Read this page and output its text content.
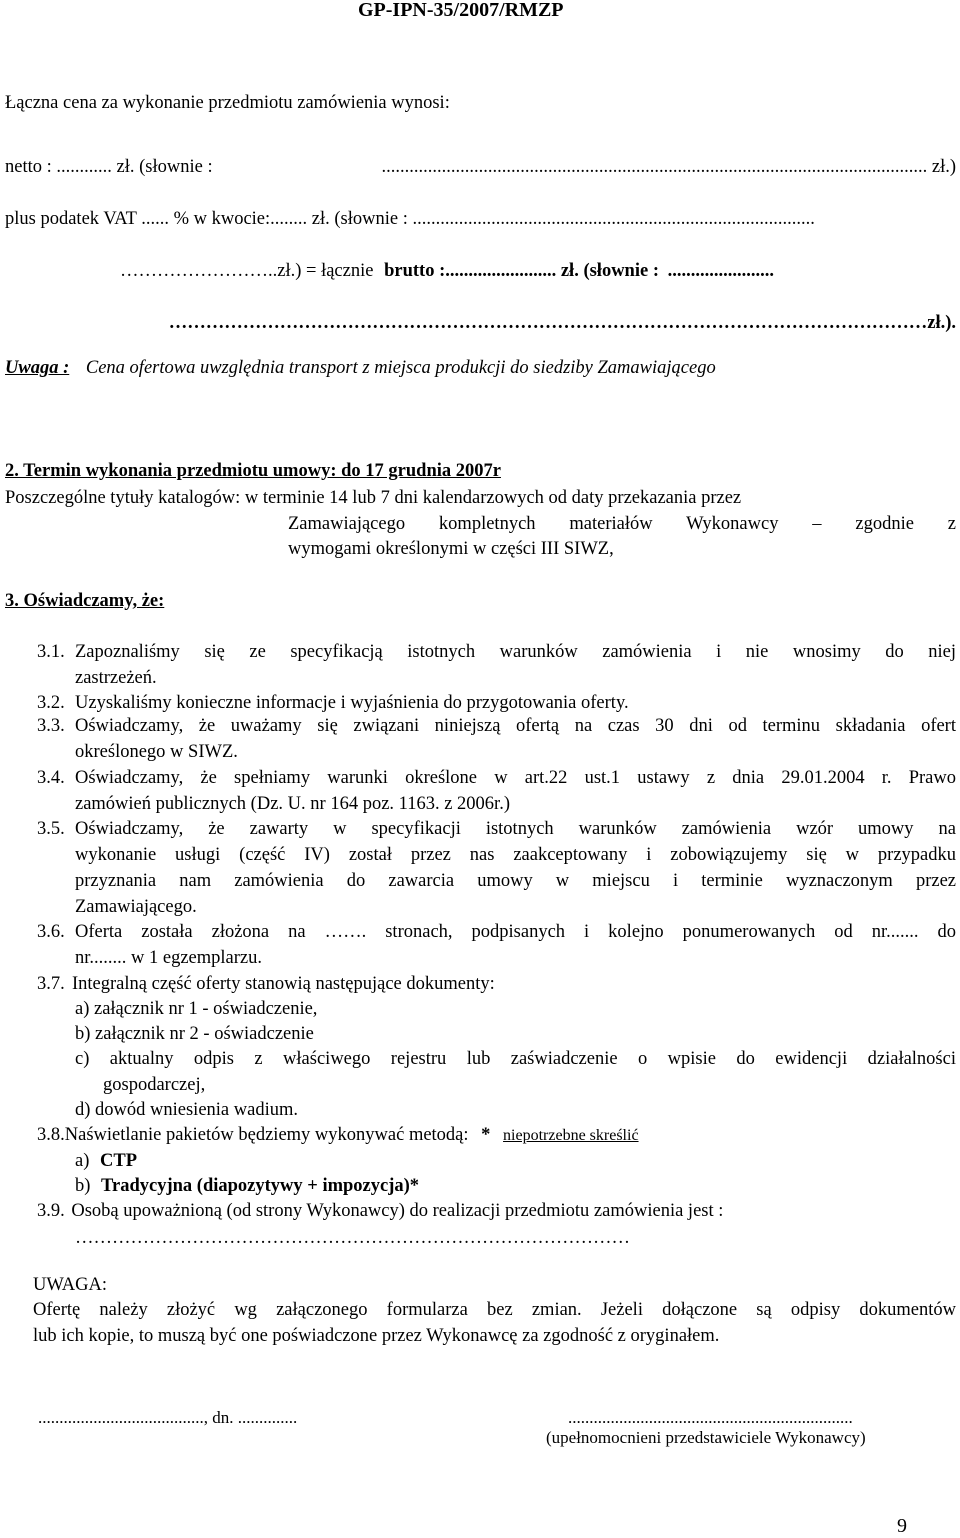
GP-IPN-35/2007/RMZP
Łączna cena za wykonanie przedmiotu zamówienia wynosi:
netto : ............ zł. (słownie :	...................................................................................................................... zł.)
plus podatek VAT ...... % w kwocie:........ zł. (słownie : .......................................................................................
……………………..zł.) = łącznie brutto :........................ zł. (słownie : .......................
……………………………………………………………………………………………………………zł.).
Uwaga : Cena ofertowa uwzględnia transport z miejsca produkcji do siedziby Zamawiającego
2. Termin wykonania przedmiotu umowy: do 17 grudnia 2007r
Poszczególne tytuły katalogów: w terminie 14 lub 7 dni kalendarzowych od daty przekazania przez
Zamawiającego kompletnych materiałów Wykonawcy – zgodnie z
wymogami określonymi w części III SIWZ,
3. Oświadczamy, że:
3.1. Zapoznaliśmy się ze specyfikacją istotnych warunków zamówienia i nie wnosimy do niej
zastrzeżeń.
3.2. Uzyskaliśmy konieczne informacje i wyjaśnienia do przygotowania oferty.
3.3. Oświadczamy, że uważamy się związani niniejszą ofertą na czas 30 dni od terminu składania ofert
określonego w SIWZ.
3.4. Oświadczamy, że spełniamy warunki określone w art.22 ust.1 ustawy z dnia 29.01.2004 r. Prawo
zamówień publicznych (Dz. U. nr 164 poz. 1163. z 2006r.)
3.5. Oświadczamy, że zawarty w specyfikacji istotnych warunków zamówienia wzór umowy na
wykonanie usługi (część IV) został przez nas zaakceptowany i zobowiązujemy się w przypadku
przyznania nam zamówienia do zawarcia umowy w miejscu i terminie wyznaczonym przez
Zamawiającego.
3.6. Oferta została złożona na ……. stronach, podpisanych i kolejno ponumerowanych od nr....... do
nr........ w 1 egzemplarzu.
3.7. Integralną część oferty stanowią następujące dokumenty:
a) załącznik nr 1 - oświadczenie,
b) załącznik nr 2 - oświadczenie
c) aktualny odpis z właściwego rejestru lub zaświadczenie o wpisie do ewidencji działalności
gospodarczej,
d) dowód wniesienia wadium.
3.8.Naświetlanie pakietów będziemy wykonywać metodą: * niepotrzebne skreślić
a) CTP
b) Tradycyjna (diapozytywy + impozycja)*
3.9. Osobą upoważnioną (od strony Wykonawcy) do realizacji przedmiotu zamówienia jest :
………………………………………………………………………………
UWAGA:
Ofertę należy złożyć wg załączonego formularza bez zmian. Jeżeli dołączone są odpisy dokumentów
lub ich kopie, to muszą być one poświadczone przez Wykonawcę za zgodność z oryginałem.
......................................., dn. ..............	...................................................................
(upełnomocnieni przedstawiciele Wykonawcy)
9
